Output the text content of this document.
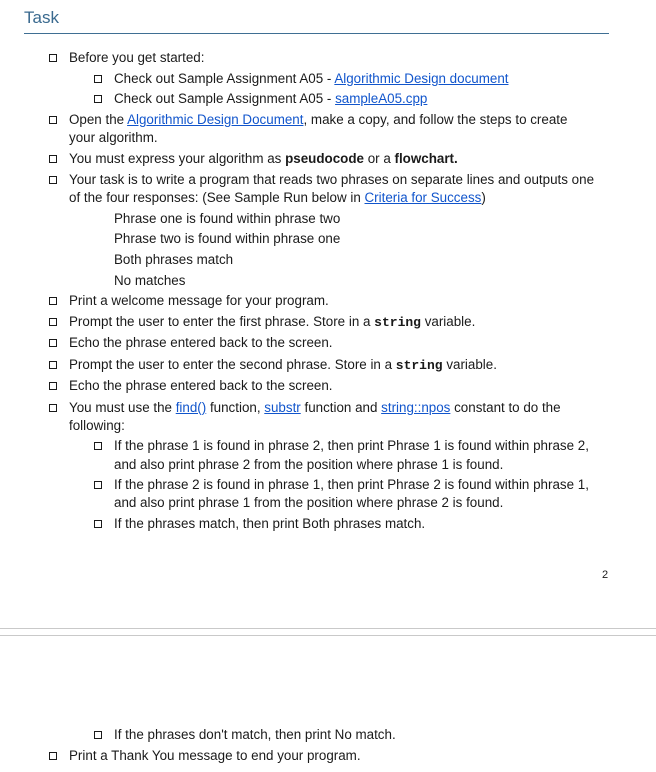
Task
Before you get started:
Check out Sample Assignment A05 - Algorithmic Design document
Check out Sample Assignment A05 - sampleA05.cpp
Open the Algorithmic Design Document, make a copy, and follow the steps to create
your algorithm.
You must express your algorithm as pseudocode or a flowchart.
Your task is to write a program that reads two phrases on separate lines and outputs one
of the four responses: (See Sample Run below in Criteria for Success)
Phrase one is found within phrase two
Phrase two is found within phrase one
Both phrases match
No matches
Print a welcome message for your program.
Prompt the user to enter the first phrase. Store in a string variable.
Echo the phrase entered back to the screen.
Prompt the user to enter the second phrase. Store in a string variable.
Echo the phrase entered back to the screen.
You must use the find() function, substr function and string::npos constant to do the
following:
If the phrase 1 is found in phrase 2, then print Phrase 1 is found within phrase 2,
and also print phrase 2 from the position where phrase 1 is found.
If the phrase 2 is found in phrase 1, then print Phrase 2 is found within phrase 1,
and also print phrase 1 from the position where phrase 2 is found.
If the phrases match, then print Both phrases match.
2
If the phrases don't match, then print No match.
Print a Thank You message to end your program.
